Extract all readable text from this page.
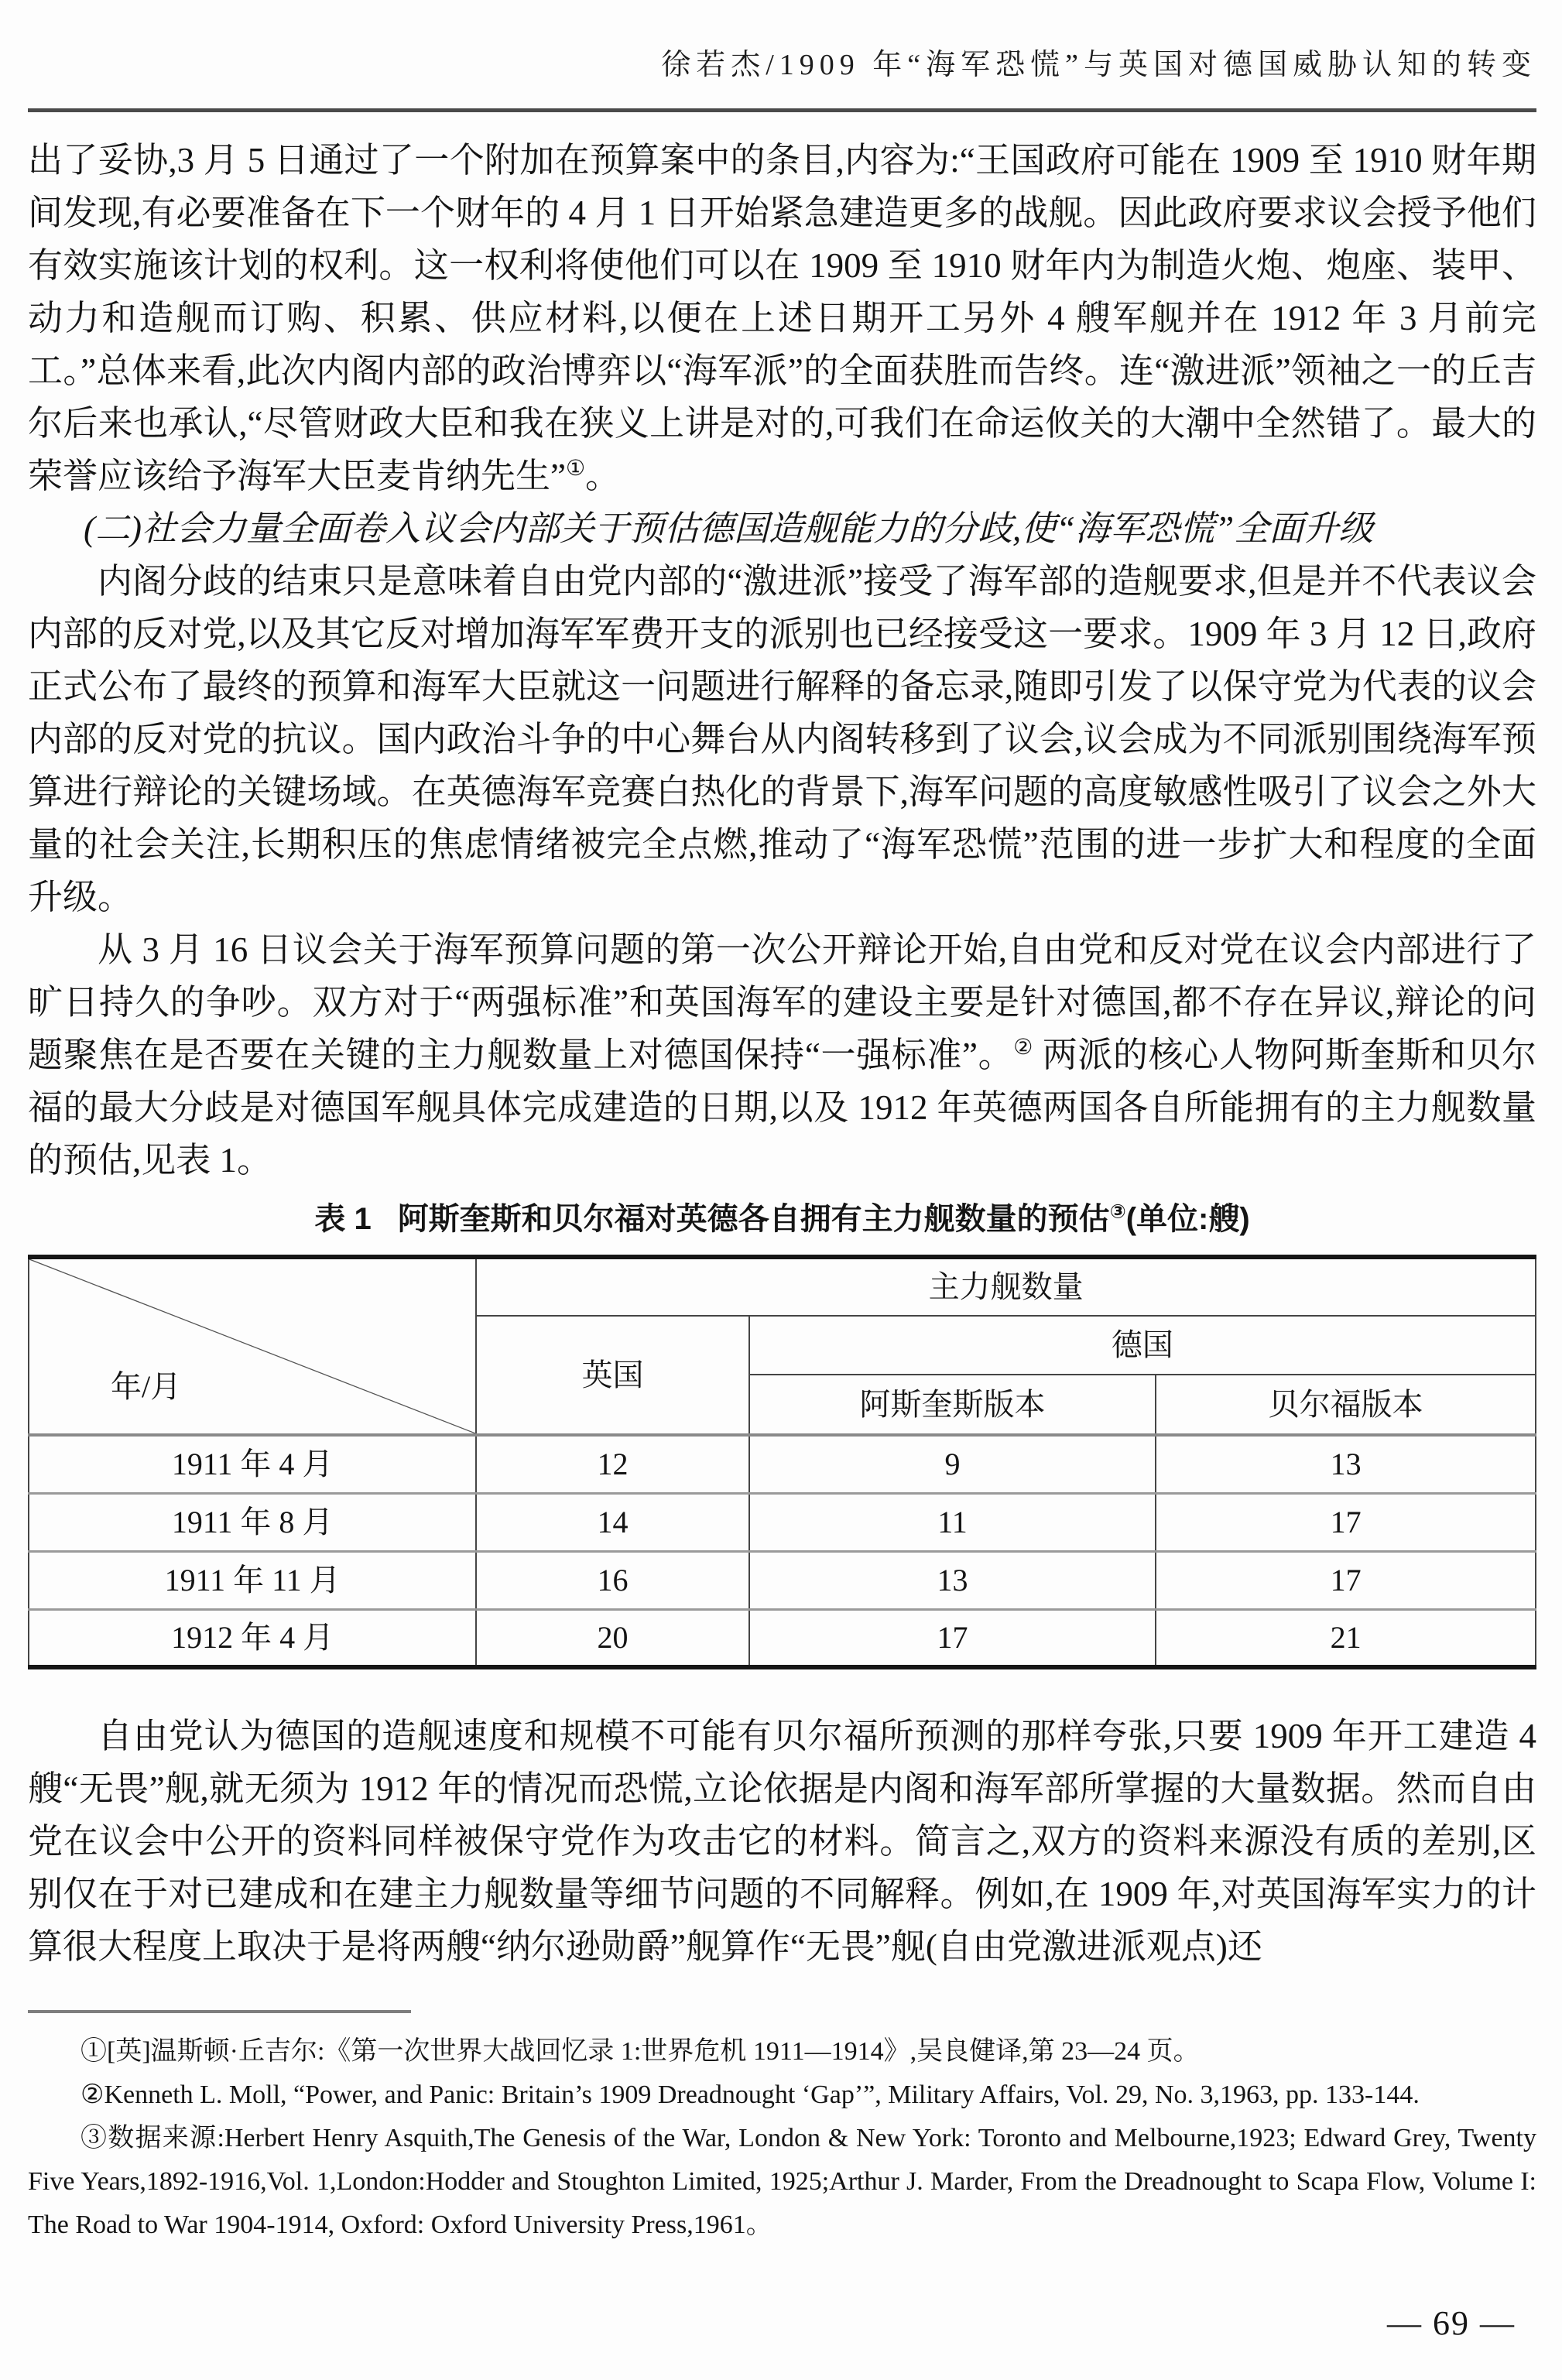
徐若杰/1909 年“海军恐慌”与英国对德国威胁认知的转变

出了妥协,3 月 5 日通过了一个附加在预算案中的条目,内容为:“王国政府可能在 1909 至 1910 财年期间发现,有必要准备在下一个财年的 4 月 1 日开始紧急建造更多的战舰。因此政府要求议会授予他们有效实施该计划的权利。这一权利将使他们可以在 1909 至 1910 财年内为制造火炮、炮座、装甲、动力和造舰而订购、积累、供应材料,以便在上述日期开工另外 4 艘军舰并在 1912 年 3 月前完工。”总体来看,此次内阁内部的政治博弈以“海军派”的全面获胜而告终。连“激进派”领袖之一的丘吉尔后来也承认,“尽管财政大臣和我在狭义上讲是对的,可我们在命运攸关的大潮中全然错了。最大的荣誉应该给予海军大臣麦肯纳先生”①。

(二)社会力量全面卷入议会内部关于预估德国造舰能力的分歧,使“海军恐慌”全面升级

内阁分歧的结束只是意味着自由党内部的“激进派”接受了海军部的造舰要求,但是并不代表议会内部的反对党,以及其它反对增加海军军费开支的派别也已经接受这一要求。1909 年 3 月 12 日,政府正式公布了最终的预算和海军大臣就这一问题进行解释的备忘录,随即引发了以保守党为代表的议会内部的反对党的抗议。国内政治斗争的中心舞台从内阁转移到了议会,议会成为不同派别围绕海军预算进行辩论的关键场域。在英德海军竞赛白热化的背景下,海军问题的高度敏感性吸引了议会之外大量的社会关注,长期积压的焦虑情绪被完全点燃,推动了“海军恐慌”范围的进一步扩大和程度的全面升级。

从 3 月 16 日议会关于海军预算问题的第一次公开辩论开始,自由党和反对党在议会内部进行了旷日持久的争吵。双方对于“两强标准”和英国海军的建设主要是针对德国,都不存在异议,辩论的问题聚焦在是否要在关键的主力舰数量上对德国保持“一强标准”。② 两派的核心人物阿斯奎斯和贝尔福的最大分歧是对德国军舰具体完成建造的日期,以及 1912 年英德两国各自所能拥有的主力舰数量的预估,见表 1。

表 1 阿斯奎斯和贝尔福对英德各自拥有主力舰数量的预估③(单位:艘)
年/月	主力舰数量		
	英国	德国	
		阿斯奎斯版本	贝尔福版本
1911 年 4 月	12	9	13
1911 年 8 月	14	11	17
1911 年 11 月	16	13	17
1912 年 4 月	20	17	21

自由党认为德国的造舰速度和规模不可能有贝尔福所预测的那样夸张,只要 1909 年开工建造 4 艘“无畏”舰,就无须为 1912 年的情况而恐慌,立论依据是内阁和海军部所掌握的大量数据。然而自由党在议会中公开的资料同样被保守党作为攻击它的材料。简言之,双方的资料来源没有质的差别,区别仅在于对已建成和在建主力舰数量等细节问题的不同解释。例如,在 1909 年,对英国海军实力的计算很大程度上取决于是将两艘“纳尔逊勋爵”舰算作“无畏”舰(自由党激进派观点)还

①[英]温斯顿·丘吉尔:《第一次世界大战回忆录 1:世界危机 1911—1914》,吴良健译,第 23—24 页。

②Kenneth L. Moll, “Power, and Panic: Britain’s 1909 Dreadnought ‘Gap’”, Military Affairs, Vol. 29, No. 3,1963, pp. 133-144.

③数据来源:Herbert Henry Asquith,The Genesis of the War, London & New York: Toronto and Melbourne,1923; Edward Grey, Twenty Five Years,1892-1916,Vol. 1,London:Hodder and Stoughton Limited, 1925;Arthur J. Marder, From the Dreadnought to Scapa Flow, Volume I: The Road to War 1904-1914, Oxford: Oxford University Press,1961。

— 69 —
